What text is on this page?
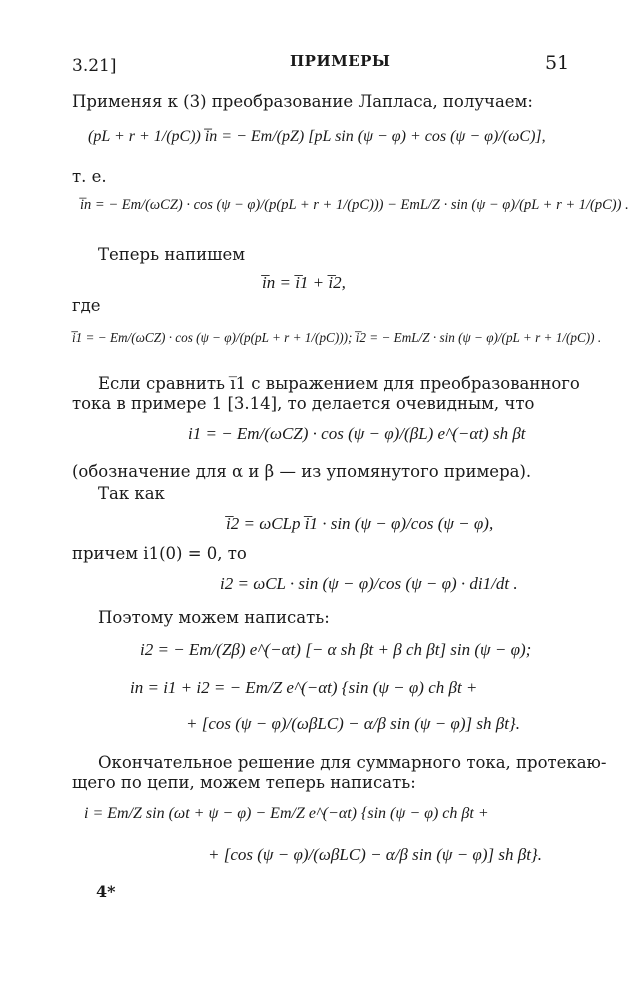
3.21]	ПРИМЕРЫ	51
Применяя к (3) преобразование Лапласа, получаем:
(pL + r + 1/(pC)) i̅n = − Em/(pZ) [pL sin (ψ − φ) + cos (ψ − φ)/(ωC)],
т. е.
i̅n = − Em/(ωCZ) · cos (ψ − φ)/(p(pL + r + 1/(pC))) − EmL/Z · sin (ψ − φ)/(pL + r + 1/(pC)) .
Теперь напишем
i̅n = i̅1 + i̅2,
где
i̅1 = − Em/(ωCZ) · cos (ψ − φ)/(p(pL + r + 1/(pC))); i̅2 = − EmL/Z · sin (ψ − φ)/(pL + r + 1/(pC)) .
Если сравнить i̅1 с выражением для преобразованного
тока в примере 1 [3.14], то делается очевидным, что
i1 = − Em/(ωCZ) · cos (ψ − φ)/(βL) e^(−αt) sh βt
(обозначение для α и β — из упомянутого примера).
Так как
i̅2 = ωCLp i̅1 · sin (ψ − φ)/cos (ψ − φ),
причем i1(0) = 0, то
i2 = ωCL · sin (ψ − φ)/cos (ψ − φ) · di1/dt .
Поэтому можем написать:
i2 = − Em/(Zβ) e^(−αt) [− α sh βt + β ch βt] sin (ψ − φ);
in = i1 + i2 = − Em/Z e^(−αt) {sin (ψ − φ) ch βt +
+ [cos (ψ − φ)/(ωβLC) − α/β sin (ψ − φ)] sh βt}.
Окончательное решение для суммарного тока, протекаю-
щего по цепи, можем теперь написать:
i = Em/Z sin (ωt + ψ − φ) − Em/Z e^(−αt) {sin (ψ − φ) ch βt +
+ [cos (ψ − φ)/(ωβLC) − α/β sin (ψ − φ)] sh βt}.
4*
